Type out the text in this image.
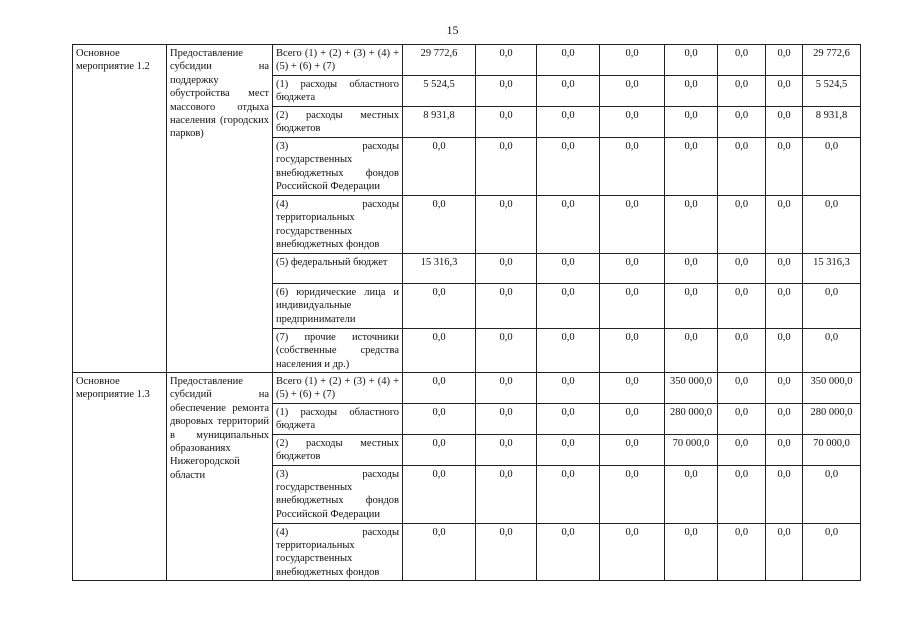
15
Основное мероприятие 1.2	Предоставление субсидии на поддержку обустройства мест массового отдыха населения (городских парков)	Всего (1) + (2) + (3) + (4) + (5) + (6) + (7)	29 772,6	0,0	0,0	0,0	0,0	0,0	0,0	29 772,6
		(1) расходы областного бюджета	5 524,5	0,0	0,0	0,0	0,0	0,0	0,0	5 524,5
		(2) расходы местных бюджетов	8 931,8	0,0	0,0	0,0	0,0	0,0	0,0	8 931,8
		(3) расходы государственных внебюджетных фондов Российской Федерации	0,0	0,0	0,0	0,0	0,0	0,0	0,0	0,0
		(4) расходы территориальных государственных внебюджетных фондов	0,0	0,0	0,0	0,0	0,0	0,0	0,0	0,0
		(5) федеральный бюджет	15 316,3	0,0	0,0	0,0	0,0	0,0	0,0	15 316,3
		(6) юридические лица и индивидуальные предприниматели	0,0	0,0	0,0	0,0	0,0	0,0	0,0	0,0
		(7) прочие источники (собственные средства населения и др.)	0,0	0,0	0,0	0,0	0,0	0,0	0,0	0,0
Основное мероприятие 1.3	Предоставление субсидий на обеспечение ремонта дворовых территорий в муниципальных образованиях Нижегородской области	Всего (1) + (2) + (3) + (4) + (5) + (6) + (7)	0,0	0,0	0,0	0,0	350 000,0	0,0	0,0	350 000,0
		(1) расходы областного бюджета	0,0	0,0	0,0	0,0	280 000,0	0,0	0,0	280 000,0
		(2) расходы местных бюджетов	0,0	0,0	0,0	0,0	70 000,0	0,0	0,0	70 000,0
		(3) расходы государственных внебюджетных фондов Российской Федерации	0,0	0,0	0,0	0,0	0,0	0,0	0,0	0,0
		(4) расходы территориальных государственных внебюджетных фондов	0,0	0,0	0,0	0,0	0,0	0,0	0,0	0,0
